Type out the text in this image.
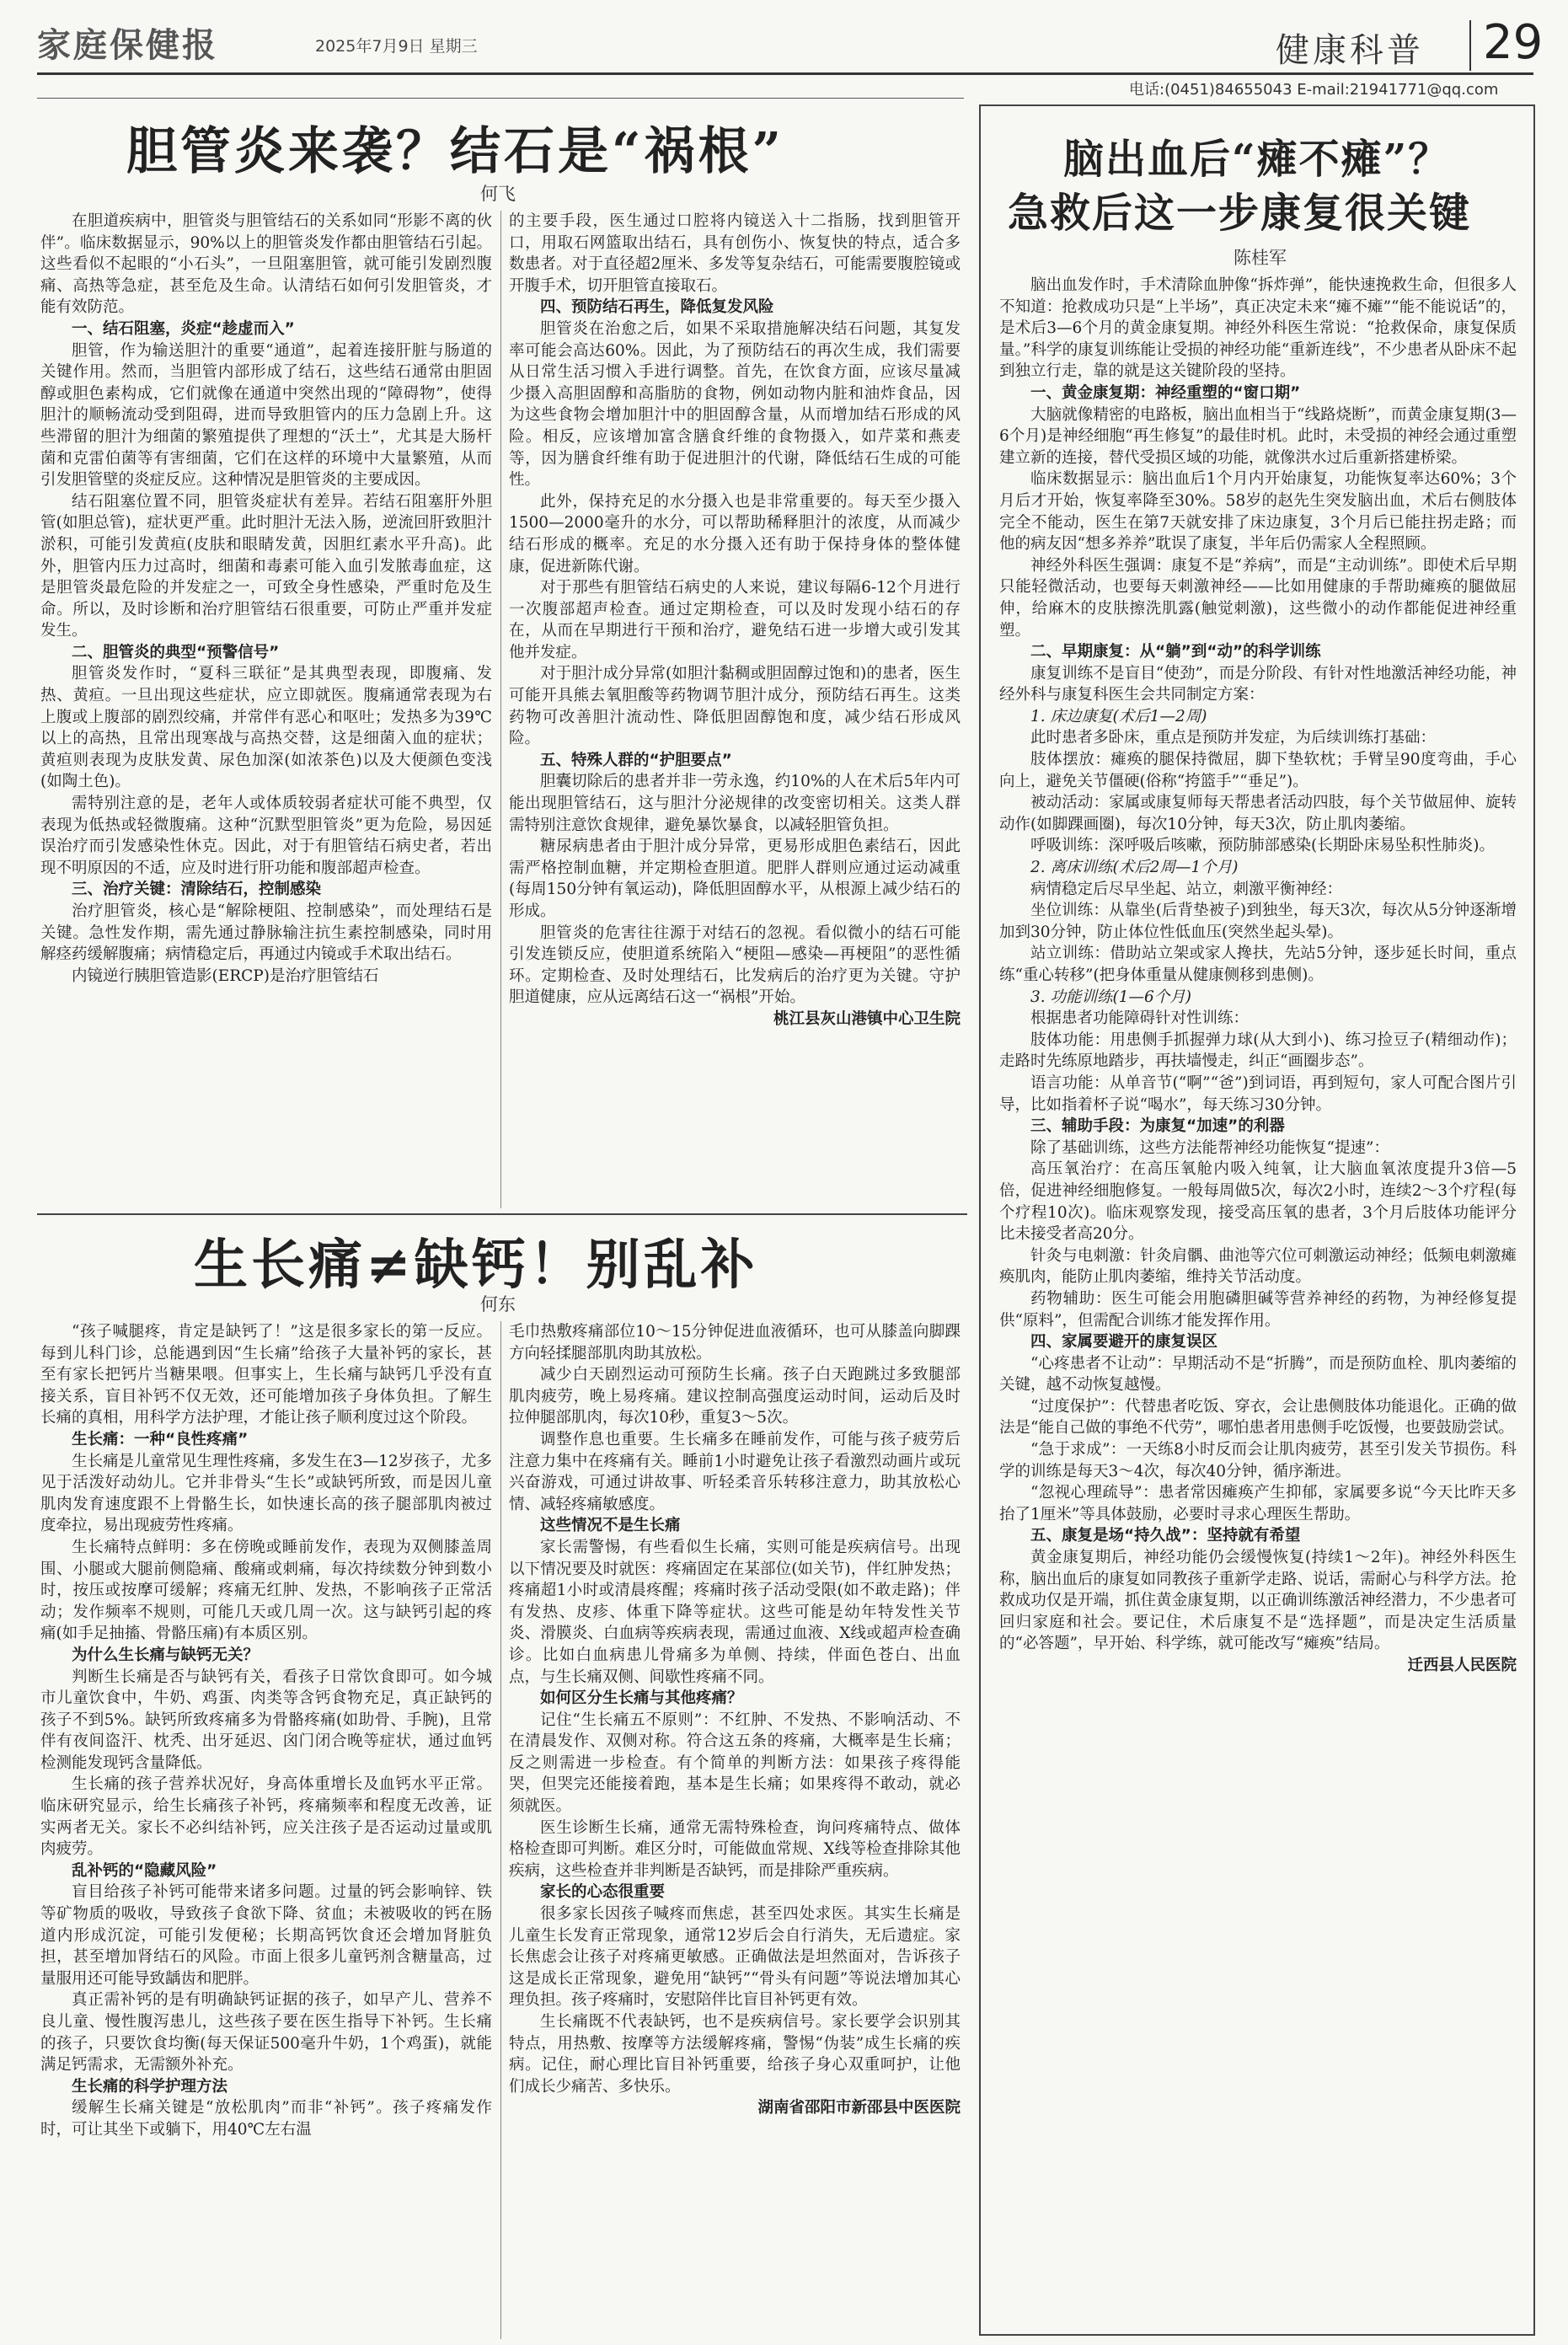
家庭保健报	2025年7月9日 星期三	健康科普 29
电话:(0451)84655043 E-mail:21941771@qq.com
胆管炎来袭？结石是“祸根”
何飞

在胆道疾病中，胆管炎与胆管结石的关系如同“形影不离的伙伴”。临床数据显示，90%以上的胆管炎发作都由胆管结石引起。这些看似不起眼的“小石头”，一旦阻塞胆管，就可能引发剧烈腹痛、高热等急症，甚至危及生命。认清结石如何引发胆管炎，才能有效防范。

一、结石阻塞，炎症“趁虚而入”

胆管，作为输送胆汁的重要“通道”，起着连接肝脏与肠道的关键作用。然而，当胆管内部形成了结石，这些结石通常由胆固醇或胆色素构成，它们就像在通道中突然出现的“障碍物”，使得胆汁的顺畅流动受到阻碍，进而导致胆管内的压力急剧上升。这些滞留的胆汁为细菌的繁殖提供了理想的“沃土”，尤其是大肠杆菌和克雷伯菌等有害细菌，它们在这样的环境中大量繁殖，从而引发胆管壁的炎症反应。这种情况是胆管炎的主要成因。

结石阻塞位置不同，胆管炎症状有差异。若结石阻塞肝外胆管(如胆总管)，症状更严重。此时胆汁无法入肠，逆流回肝致胆汁淤积，可能引发黄疸(皮肤和眼睛发黄，因胆红素水平升高)。此外，胆管内压力过高时，细菌和毒素可能入血引发脓毒血症，这是胆管炎最危险的并发症之一，可致全身性感染，严重时危及生命。所以，及时诊断和治疗胆管结石很重要，可防止严重并发症发生。

二、胆管炎的典型“预警信号”

胆管炎发作时，“夏科三联征”是其典型表现，即腹痛、发热、黄疸。一旦出现这些症状，应立即就医。腹痛通常表现为右上腹或上腹部的剧烈绞痛，并常伴有恶心和呕吐；发热多为39℃以上的高热，且常出现寒战与高热交替，这是细菌入血的症状；黄疸则表现为皮肤发黄、尿色加深(如浓茶色)以及大便颜色变浅(如陶土色)。

需特别注意的是，老年人或体质较弱者症状可能不典型，仅表现为低热或轻微腹痛。这种“沉默型胆管炎”更为危险，易因延误治疗而引发感染性休克。因此，对于有胆管结石病史者，若出现不明原因的不适，应及时进行肝功能和腹部超声检查。

三、治疗关键：清除结石，控制感染

治疗胆管炎，核心是“解除梗阻、控制感染”，而处理结石是关键。急性发作期，需先通过静脉输注抗生素控制感染，同时用解痉药缓解腹痛；病情稳定后，再通过内镜或手术取出结石。

内镜逆行胰胆管造影(ERCP)是治疗胆管结石

的主要手段，医生通过口腔将内镜送入十二指肠，找到胆管开口，用取石网篮取出结石，具有创伤小、恢复快的特点，适合多数患者。对于直径超2厘米、多发等复杂结石，可能需要腹腔镜或开腹手术，切开胆管直接取石。

四、预防结石再生，降低复发风险

胆管炎在治愈之后，如果不采取措施解决结石问题，其复发率可能会高达60%。因此，为了预防结石的再次生成，我们需要从日常生活习惯入手进行调整。首先，在饮食方面，应该尽量减少摄入高胆固醇和高脂肪的食物，例如动物内脏和油炸食品，因为这些食物会增加胆汁中的胆固醇含量，从而增加结石形成的风险。相反，应该增加富含膳食纤维的食物摄入，如芹菜和燕麦等，因为膳食纤维有助于促进胆汁的代谢，降低结石生成的可能性。

此外，保持充足的水分摄入也是非常重要的。每天至少摄入1500—2000毫升的水分，可以帮助稀释胆汁的浓度，从而减少结石形成的概率。充足的水分摄入还有助于保持身体的整体健康，促进新陈代谢。

对于那些有胆管结石病史的人来说，建议每隔6-12个月进行一次腹部超声检查。通过定期检查，可以及时发现小结石的存在，从而在早期进行干预和治疗，避免结石进一步增大或引发其他并发症。

对于胆汁成分异常(如胆汁黏稠或胆固醇过饱和)的患者，医生可能开具熊去氧胆酸等药物调节胆汁成分，预防结石再生。这类药物可改善胆汁流动性、降低胆固醇饱和度，减少结石形成风险。

五、特殊人群的“护胆要点”

胆囊切除后的患者并非一劳永逸，约10%的人在术后5年内可能出现胆管结石，这与胆汁分泌规律的改变密切相关。这类人群需特别注意饮食规律，避免暴饮暴食，以减轻胆管负担。

糖尿病患者由于胆汁成分异常，更易形成胆色素结石，因此需严格控制血糖，并定期检查胆道。肥胖人群则应通过运动减重(每周150分钟有氧运动)，降低胆固醇水平，从根源上减少结石的形成。

胆管炎的危害往往源于对结石的忽视。看似微小的结石可能引发连锁反应，使胆道系统陷入“梗阻—感染—再梗阻”的恶性循环。定期检查、及时处理结石，比发病后的治疗更为关键。守护胆道健康，应从远离结石这一“祸根”开始。

桃江县灰山港镇中心卫生院

生长痛≠缺钙！别乱补
何东

“孩子喊腿疼，肯定是缺钙了！”这是很多家长的第一反应。每到儿科门诊，总能遇到因“生长痛”给孩子大量补钙的家长，甚至有家长把钙片当糖果喂。但事实上，生长痛与缺钙几乎没有直接关系，盲目补钙不仅无效，还可能增加孩子身体负担。了解生长痛的真相，用科学方法护理，才能让孩子顺利度过这个阶段。

生长痛：一种“良性疼痛”

生长痛是儿童常见生理性疼痛，多发生在3—12岁孩子，尤多见于活泼好动幼儿。它并非骨头“生长”或缺钙所致，而是因儿童肌肉发育速度跟不上骨骼生长，如快速长高的孩子腿部肌肉被过度牵拉，易出现疲劳性疼痛。

生长痛特点鲜明：多在傍晚或睡前发作，表现为双侧膝盖周围、小腿或大腿前侧隐痛、酸痛或刺痛，每次持续数分钟到数小时，按压或按摩可缓解；疼痛无红肿、发热，不影响孩子正常活动；发作频率不规则，可能几天或几周一次。这与缺钙引起的疼痛(如手足抽搐、骨骼压痛)有本质区别。

为什么生长痛与缺钙无关？

判断生长痛是否与缺钙有关，看孩子日常饮食即可。如今城市儿童饮食中，牛奶、鸡蛋、肉类等含钙食物充足，真正缺钙的孩子不到5%。缺钙所致疼痛多为骨骼疼痛(如助骨、手腕)，且常伴有夜间盗汗、枕秃、出牙延迟、囟门闭合晚等症状，通过血钙检测能发现钙含量降低。

生长痛的孩子营养状况好，身高体重增长及血钙水平正常。临床研究显示，给生长痛孩子补钙，疼痛频率和程度无改善，证实两者无关。家长不必纠结补钙，应关注孩子是否运动过量或肌肉疲劳。

乱补钙的“隐藏风险”

盲目给孩子补钙可能带来诸多问题。过量的钙会影响锌、铁等矿物质的吸收，导致孩子食欲下降、贫血；未被吸收的钙在肠道内形成沉淀，可能引发便秘；长期高钙饮食还会增加肾脏负担，甚至增加肾结石的风险。市面上很多儿童钙剂含糖量高，过量服用还可能导致龋齿和肥胖。

真正需补钙的是有明确缺钙证据的孩子，如早产儿、营养不良儿童、慢性腹泻患儿，这些孩子要在医生指导下补钙。生长痛的孩子，只要饮食均衡(每天保证500毫升牛奶，1个鸡蛋)，就能满足钙需求，无需额外补充。

生长痛的科学护理方法

缓解生长痛关键是“放松肌肉”而非“补钙”。孩子疼痛发作时，可让其坐下或躺下，用40℃左右温

毛巾热敷疼痛部位10～15分钟促进血液循环，也可从膝盖向脚踝方向轻揉腿部肌肉助其放松。

减少白天剧烈运动可预防生长痛。孩子白天跑跳过多致腿部肌肉疲劳，晚上易疼痛。建议控制高强度运动时间，运动后及时拉伸腿部肌肉，每次10秒，重复3～5次。

调整作息也重要。生长痛多在睡前发作，可能与孩子疲劳后注意力集中在疼痛有关。睡前1小时避免让孩子看激烈动画片或玩兴奋游戏，可通过讲故事、听轻柔音乐转移注意力，助其放松心情、减轻疼痛敏感度。

这些情况不是生长痛

家长需警惕，有些看似生长痛，实则可能是疾病信号。出现以下情况要及时就医：疼痛固定在某部位(如关节)，伴红肿发热；疼痛超1小时或清晨疼醒；疼痛时孩子活动受限(如不敢走路)；伴有发热、皮疹、体重下降等症状。这些可能是幼年特发性关节炎、滑膜炎、白血病等疾病表现，需通过血液、X线或超声检查确诊。比如白血病患儿骨痛多为单侧、持续，伴面色苍白、出血点，与生长痛双侧、间歇性疼痛不同。

如何区分生长痛与其他疼痛？

记住“生长痛五不原则”：不红肿、不发热、不影响活动、不在清晨发作、双侧对称。符合这五条的疼痛，大概率是生长痛；反之则需进一步检查。有个简单的判断方法：如果孩子疼得能哭，但哭完还能接着跑，基本是生长痛；如果疼得不敢动，就必须就医。

医生诊断生长痛，通常无需特殊检查，询问疼痛特点、做体格检查即可判断。难区分时，可能做血常规、X线等检查排除其他疾病，这些检查并非判断是否缺钙，而是排除严重疾病。

家长的心态很重要

很多家长因孩子喊疼而焦虑，甚至四处求医。其实生长痛是儿童生长发育正常现象，通常12岁后会自行消失，无后遗症。家长焦虑会让孩子对疼痛更敏感。正确做法是坦然面对，告诉孩子这是成长正常现象，避免用“缺钙”“骨头有问题”等说法增加其心理负担。孩子疼痛时，安慰陪伴比盲目补钙更有效。

生长痛既不代表缺钙，也不是疾病信号。家长要学会识别其特点，用热敷、按摩等方法缓解疼痛，警惕“伪装”成生长痛的疾病。记住，耐心理比盲目补钙重要，给孩子身心双重呵护，让他们成长少痛苦、多快乐。

湖南省邵阳市新邵县中医医院

脑出血后“瘫不瘫”？
急救后这一步康复很关键
陈桂军

脑出血发作时，手术清除血肿像“拆炸弹”，能快速挽救生命，但很多人不知道：抢救成功只是“上半场”，真正决定未来“瘫不瘫”“能不能说话”的，是术后3—6个月的黄金康复期。神经外科医生常说：“抢救保命，康复保质量。”科学的康复训练能让受损的神经功能“重新连线”，不少患者从卧床不起到独立行走，靠的就是这关键阶段的坚持。

一、黄金康复期：神经重塑的“窗口期”

大脑就像精密的电路板，脑出血相当于“线路烧断”，而黄金康复期(3—6个月)是神经细胞“再生修复”的最佳时机。此时，未受损的神经会通过重塑建立新的连接，替代受损区域的功能，就像洪水过后重新搭建桥梁。

临床数据显示：脑出血后1个月内开始康复，功能恢复率达60%；3个月后才开始，恢复率降至30%。58岁的赵先生突发脑出血，术后右侧肢体完全不能动，医生在第7天就安排了床边康复，3个月后已能拄拐走路；而他的病友因“想多养养”耽误了康复，半年后仍需家人全程照顾。

神经外科医生强调：康复不是“养病”，而是“主动训练”。即使术后早期只能轻微活动，也要每天刺激神经——比如用健康的手帮助瘫痪的腿做屈伸，给麻木的皮肤擦洗肌露(触觉刺激)，这些微小的动作都能促进神经重塑。

二、早期康复：从“躺”到“动”的科学训练

康复训练不是盲目“使劲”，而是分阶段、有针对性地激活神经功能，神经外科与康复科医生会共同制定方案：

1. 床边康复(术后1—2周)

此时患者多卧床，重点是预防并发症，为后续训练打基础：

肢体摆放：瘫痪的腿保持微屈，脚下垫软枕；手臂呈90度弯曲，手心向上，避免关节僵硬(俗称“挎篮手”“垂足”)。

被动活动：家属或康复师每天帮患者活动四肢，每个关节做屈伸、旋转动作(如脚踝画圈)，每次10分钟，每天3次，防止肌肉萎缩。

呼吸训练：深呼吸后咳嗽，预防肺部感染(长期卧床易坠积性肺炎)。

2. 离床训练(术后2周—1个月)

病情稳定后尽早坐起、站立，刺激平衡神经：

坐位训练：从靠坐(后背垫被子)到独坐，每天3次，每次从5分钟逐渐增加到30分钟，防止体位性低血压(突然坐起头晕)。

站立训练：借助站立架或家人搀扶，先站5分钟，逐步延长时间，重点练“重心转移”(把身体重量从健康侧移到患侧)。

3. 功能训练(1—6个月)

根据患者功能障碍针对性训练：

肢体功能：用患侧手抓握弹力球(从大到小)、练习捡豆子(精细动作)；走路时先练原地踏步，再扶墙慢走，纠正“画圈步态”。

语言功能：从单音节(“啊”“爸”)到词语，再到短句，家人可配合图片引导，比如指着杯子说“喝水”，每天练习30分钟。

三、辅助手段：为康复“加速”的利器

除了基础训练，这些方法能帮神经功能恢复“提速”：

高压氧治疗：在高压氧舱内吸入纯氧，让大脑血氧浓度提升3倍—5倍，促进神经细胞修复。一般每周做5次，每次2小时，连续2～3个疗程(每个疗程10次)。临床观察发现，接受高压氧的患者，3个月后肢体功能评分比未接受者高20分。

针灸与电刺激：针灸肩髃、曲池等穴位可刺激运动神经；低频电刺激瘫痪肌肉，能防止肌肉萎缩，维持关节活动度。

药物辅助：医生可能会用胞磷胆碱等营养神经的药物，为神经修复提供“原料”，但需配合训练才能发挥作用。

四、家属要避开的康复误区

“心疼患者不让动”：早期活动不是“折腾”，而是预防血栓、肌肉萎缩的关键，越不动恢复越慢。

“过度保护”：代替患者吃饭、穿衣，会让患侧肢体功能退化。正确的做法是“能自己做的事绝不代劳”，哪怕患者用患侧手吃饭慢，也要鼓励尝试。

“急于求成”：一天练8小时反而会让肌肉疲劳，甚至引发关节损伤。科学的训练是每天3～4次，每次40分钟，循序渐进。

“忽视心理疏导”：患者常因瘫痪产生抑郁，家属要多说“今天比昨天多抬了1厘米”等具体鼓励，必要时寻求心理医生帮助。

五、康复是场“持久战”：坚持就有希望

黄金康复期后，神经功能仍会缓慢恢复(持续1～2年)。神经外科医生称，脑出血后的康复如同教孩子重新学走路、说话，需耐心与科学方法。抢救成功仅是开端，抓住黄金康复期，以正确训练激活神经潜力，不少患者可回归家庭和社会。要记住，术后康复不是“选择题”，而是决定生活质量的“必答题”，早开始、科学练，就可能改写“瘫痪”结局。

迁西县人民医院
